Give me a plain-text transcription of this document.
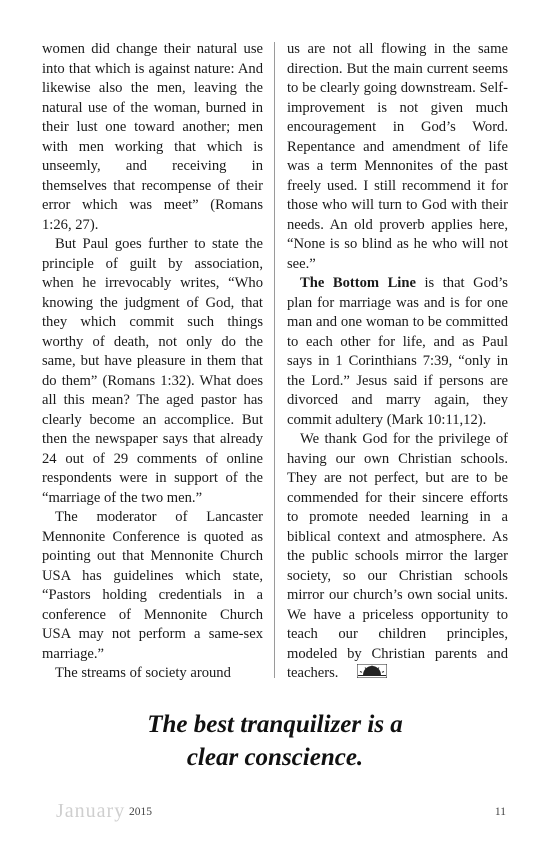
women did change their natural use into that which is against nature: And likewise also the men, leaving the natural use of the woman, burned in their lust one toward another; men with men working that which is unseemly, and receiving in themselves that recompense of their error which was meet” (Romans 1:26, 27).

But Paul goes further to state the principle of guilt by association, when he irrevocably writes, “Who knowing the judgment of God, that they which commit such things worthy of death, not only do the same, but have pleasure in them that do them” (Romans 1:32). What does all this mean? The aged pastor has clearly become an accomplice. But then the newspaper says that already 24 out of 29 comments of online respondents were in support of the “marriage of the two men.”

The moderator of Lancaster Mennonite Conference is quoted as pointing out that Mennonite Church USA has guidelines which state, “Pastors holding credentials in a conference of Mennonite Church USA may not perform a same-sex marriage.”

The streams of society around

us are not all flowing in the same direction. But the main current seems to be clearly going downstream. Self-improvement is not given much encouragement in God’s Word. Repentance and amendment of life was a term Mennonites of the past freely used. I still recommend it for those who will turn to God with their needs. An old proverb applies here, “None is so blind as he who will not see.”

The Bottom Line is that God’s plan for marriage was and is for one man and one woman to be committed to each other for life, and as Paul says in 1 Corinthians 7:39, “only in the Lord.” Jesus said if persons are divorced and marry again, they commit adultery (Mark 10:11,12).

We thank God for the privilege of having our own Christian schools. They are not perfect, but are to be commended for their sincere efforts to promote needed learning in a biblical context and atmosphere. As the public schools mirror the larger society, so our Christian schools mirror our church’s own social units. We have a priceless opportunity to teach our children principles, modeled by Christian parents and teachers.

The best tranquilizer is a
clear conscience.
January 2015	11
